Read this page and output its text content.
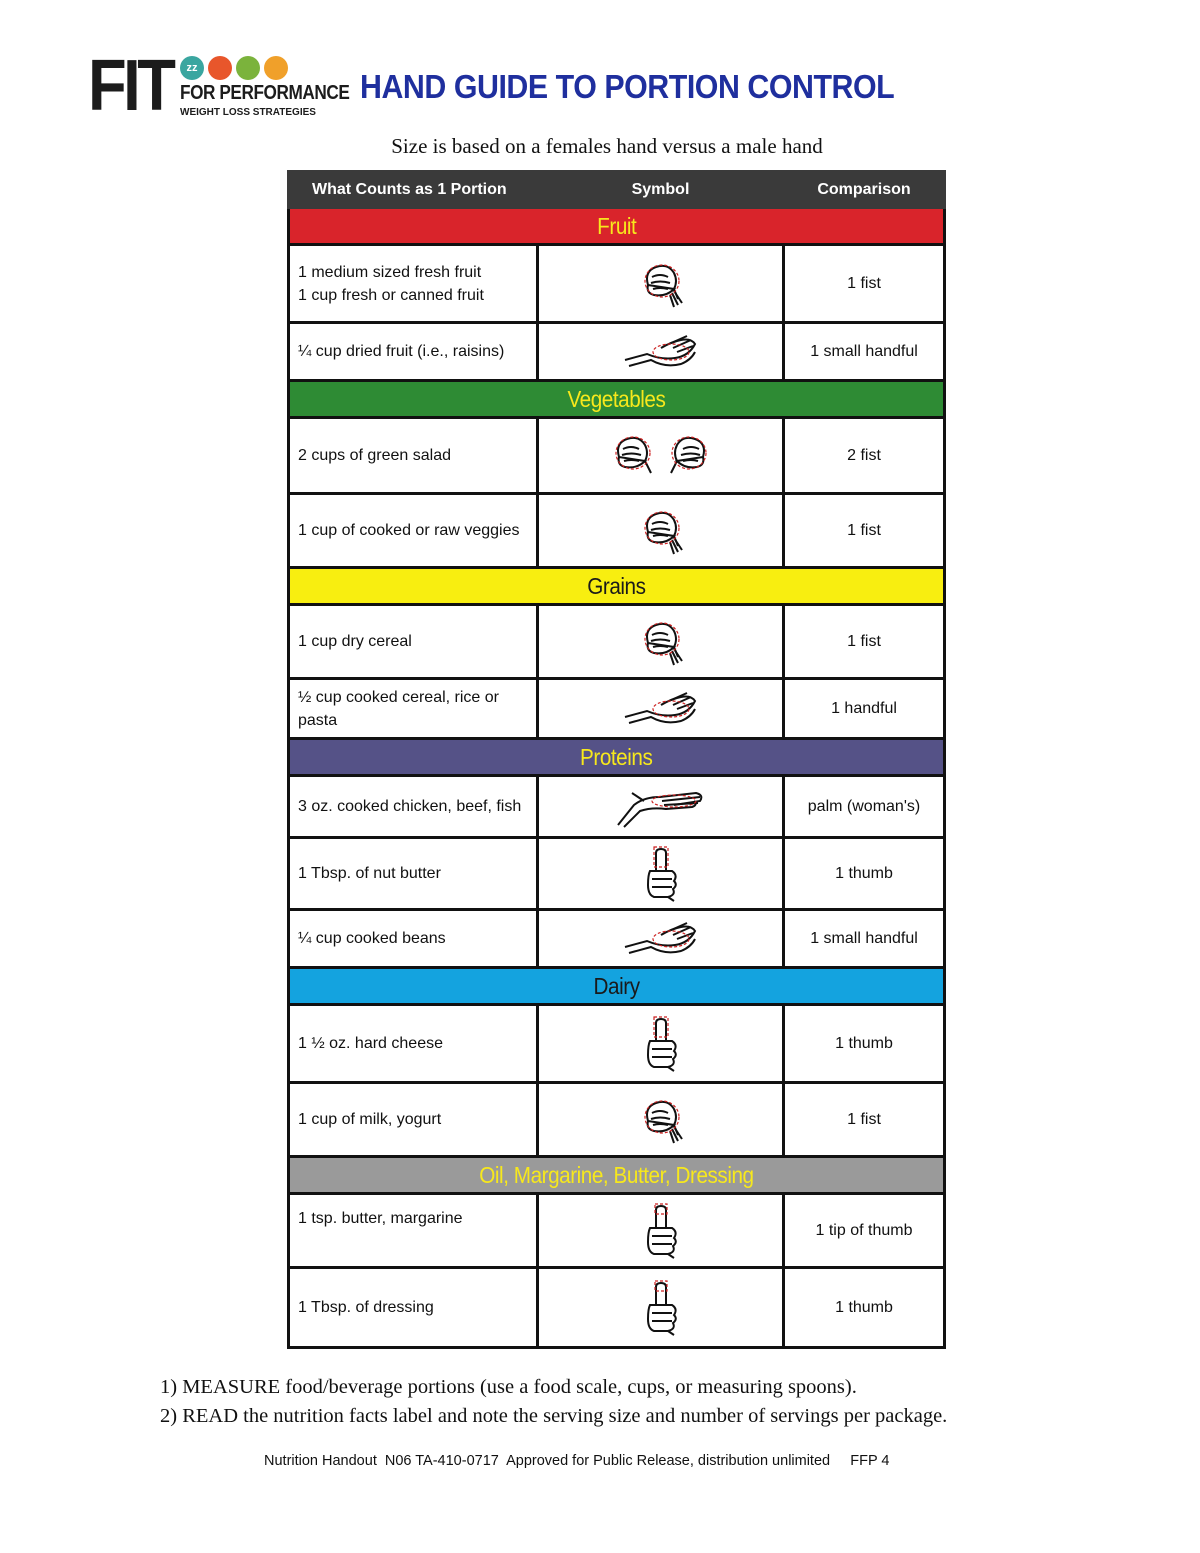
FIT	zz
FOR PERFORMANCE
WEIGHT LOSS STRATEGIES
HAND GUIDE TO PORTION CONTROL
Size is based on a females hand versus a male hand
What Counts as 1 Portion	Symbol	Comparison
Fruit		

1 medium sized fresh fruit
1 cup fresh or canned fruit		1 fist

¼ cup dried fruit (i.e., raisins)		1 small handful
Vegetables		

2 cups of green salad		2 fist

1 cup of cooked or raw veggies		1 fist
Grains		

1 cup dry cereal		1 fist

½ cup cooked cereal, rice or
pasta		1 handful
Proteins		

3 oz. cooked chicken, beef, fish		palm (woman's)

1 Tbsp. of nut butter		1 thumb

¼ cup cooked beans		1 small handful
Dairy		

1 ½ oz. hard cheese		1 thumb

1 cup of milk, yogurt		1 fist
Oil, Margarine, Butter, Dressing		

1 tsp. butter, margarine		1 tip of thumb

1 Tbsp. of dressing		1 thumb
1) MEASURE food/beverage portions (use a food scale, cups, or measuring spoons).
2) READ the nutrition facts label and note the serving size and number of servings per package.
Nutrition Handout  N06 TA-410-0717  Approved for Public Release, distribution unlimited     FFP 4
